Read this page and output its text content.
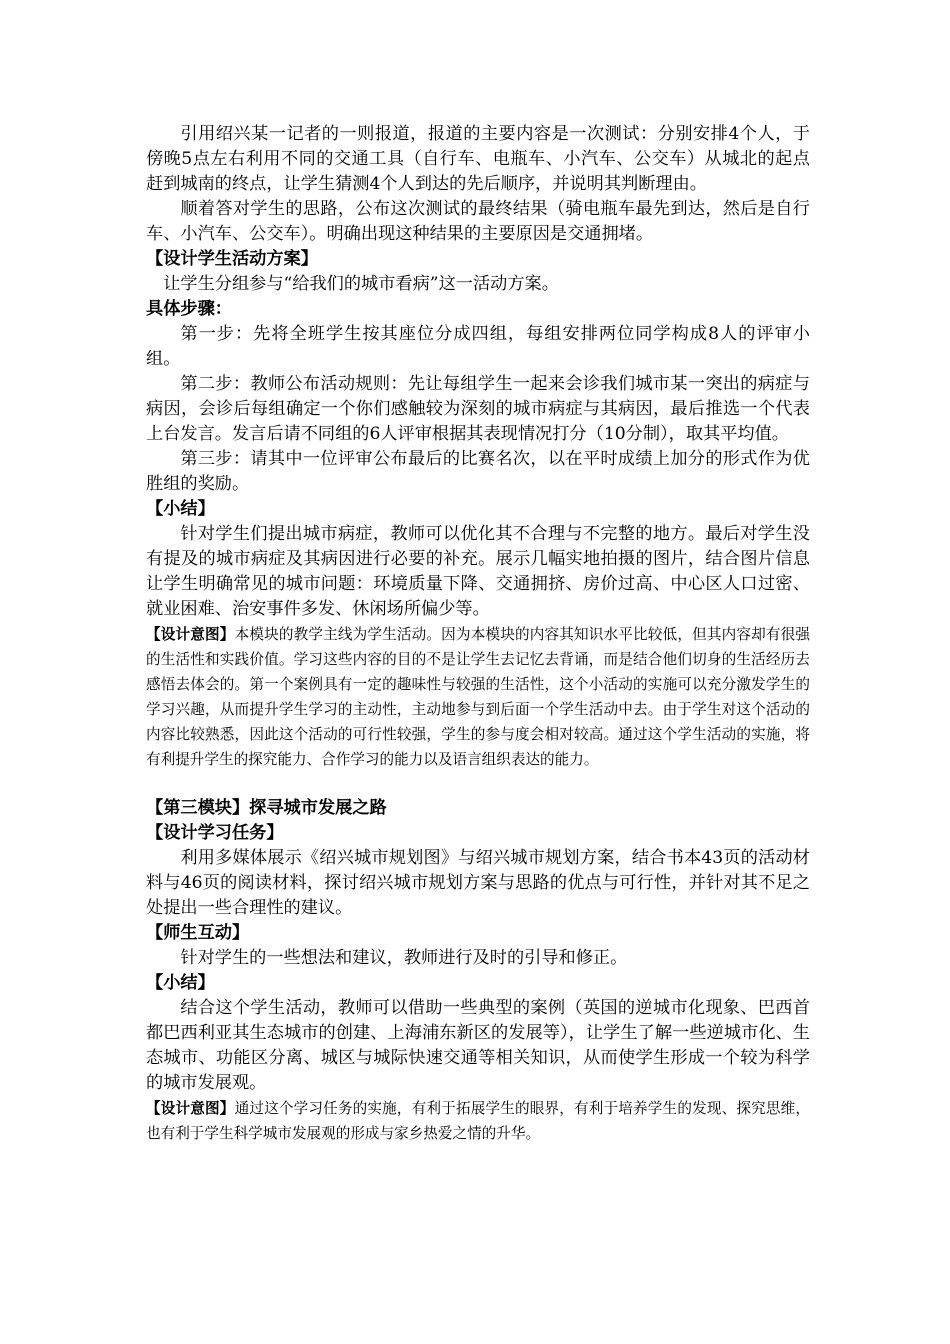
引用绍兴某一记者的一则报道，报道的主要内容是一次测试：分别安排4个人，于傍晚5点左右利用不同的交通工具（自行车、电瓶车、小汽车、公交车）从城北的起点赶到城南的终点，让学生猜测4个人到达的先后顺序，并说明其判断理由。

顺着答对学生的思路，公布这次测试的最终结果（骑电瓶车最先到达，然后是自行车、小汽车、公交车）。明确出现这种结果的主要原因是交通拥堵。

【设计学生活动方案】

让学生分组参与“给我们的城市看病”这一活动方案。

具体步骤：

第一步：先将全班学生按其座位分成四组，每组安排两位同学构成8人的评审小组。

第二步：教师公布活动规则：先让每组学生一起来会诊我们城市某一突出的病症与病因，会诊后每组确定一个你们感触较为深刻的城市病症与其病因，最后推选一个代表上台发言。发言后请不同组的6人评审根据其表现情况打分（10分制），取其平均值。

第三步：请其中一位评审公布最后的比赛名次，以在平时成绩上加分的形式作为优胜组的奖励。

【小结】

针对学生们提出城市病症，教师可以优化其不合理与不完整的地方。最后对学生没有提及的城市病症及其病因进行必要的补充。展示几幅实地拍摄的图片，结合图片信息让学生明确常见的城市问题：环境质量下降、交通拥挤、房价过高、中心区人口过密、就业困难、治安事件多发、休闲场所偏少等。

【设计意图】本模块的教学主线为学生活动。因为本模块的内容其知识水平比较低，但其内容却有很强的生活性和实践价值。学习这些内容的目的不是让学生去记忆去背诵，而是结合他们切身的生活经历去感悟去体会的。第一个案例具有一定的趣味性与较强的生活性，这个小活动的实施可以充分激发学生的学习兴趣，从而提升学生学习的主动性，主动地参与到后面一个学生活动中去。由于学生对这个活动的内容比较熟悉，因此这个活动的可行性较强，学生的参与度会相对较高。通过这个学生活动的实施，将有利提升学生的探究能力、合作学习的能力以及语言组织表达的能力。

【第三模块】探寻城市发展之路

【设计学习任务】

利用多媒体展示《绍兴城市规划图》与绍兴城市规划方案，结合书本43页的活动材料与46页的阅读材料，探讨绍兴城市规划方案与思路的优点与可行性，并针对其不足之处提出一些合理性的建议。

【师生互动】

针对学生的一些想法和建议，教师进行及时的引导和修正。

【小结】

结合这个学生活动，教师可以借助一些典型的案例（英国的逆城市化现象、巴西首都巴西利亚其生态城市的创建、上海浦东新区的发展等），让学生了解一些逆城市化、生态城市、功能区分离、城区与城际快速交通等相关知识，从而使学生形成一个较为科学的城市发展观。

【设计意图】通过这个学习任务的实施，有利于拓展学生的眼界，有利于培养学生的发现、探究思维，也有利于学生科学城市发展观的形成与家乡热爱之情的升华。
